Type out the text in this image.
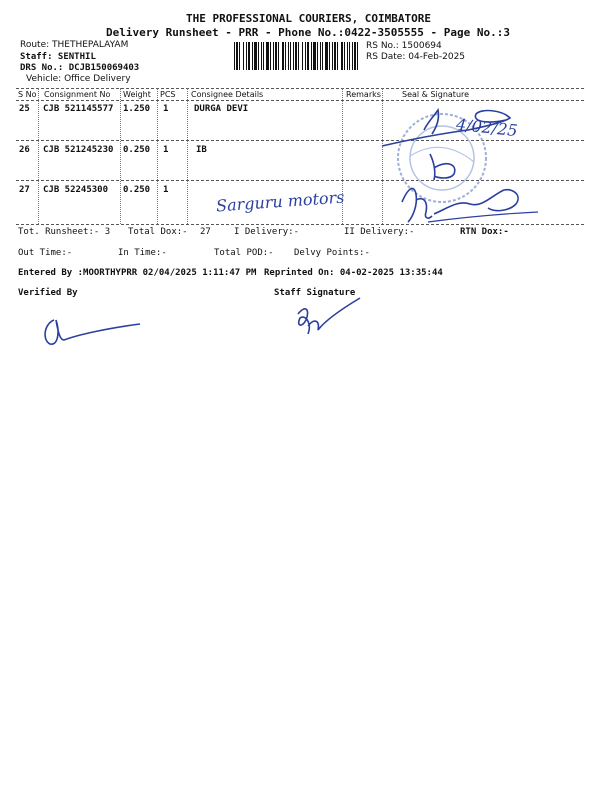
THE PROFESSIONAL COURIERS, COIMBATORE
Delivery Runsheet - PRR - Phone No.:0422-3505555 - Page No.:3
Route: THETHEPALAYAM
Staff: SENTHIL
DRS No.: DCJB150069403
Vehicle: Office Delivery
RS No.: 1500694
RS Date: 04-Feb-2025
S No Consignment No Weight PCS Consignee Details	Remarks	Seal & Signature
25 CJB 521145577 1.250 1	DURGA DEVI
26 CJB 521245230 0.250 1	IB
27 CJB 52245300 0.250 1	Sarguru motors
4/02/25
Tot. Runsheet:- 3 Total Dox:- 27	I Delivery:-	II Delivery:-	RTN Dox:-
Out Time:-	In Time:-	Total POD:- Delvy Points:-
Entered By :MOORTHYPRR 02/04/2025 1:11:47 PM Reprinted On: 04-02-2025 13:35:44
Verified By	Staff Signature
